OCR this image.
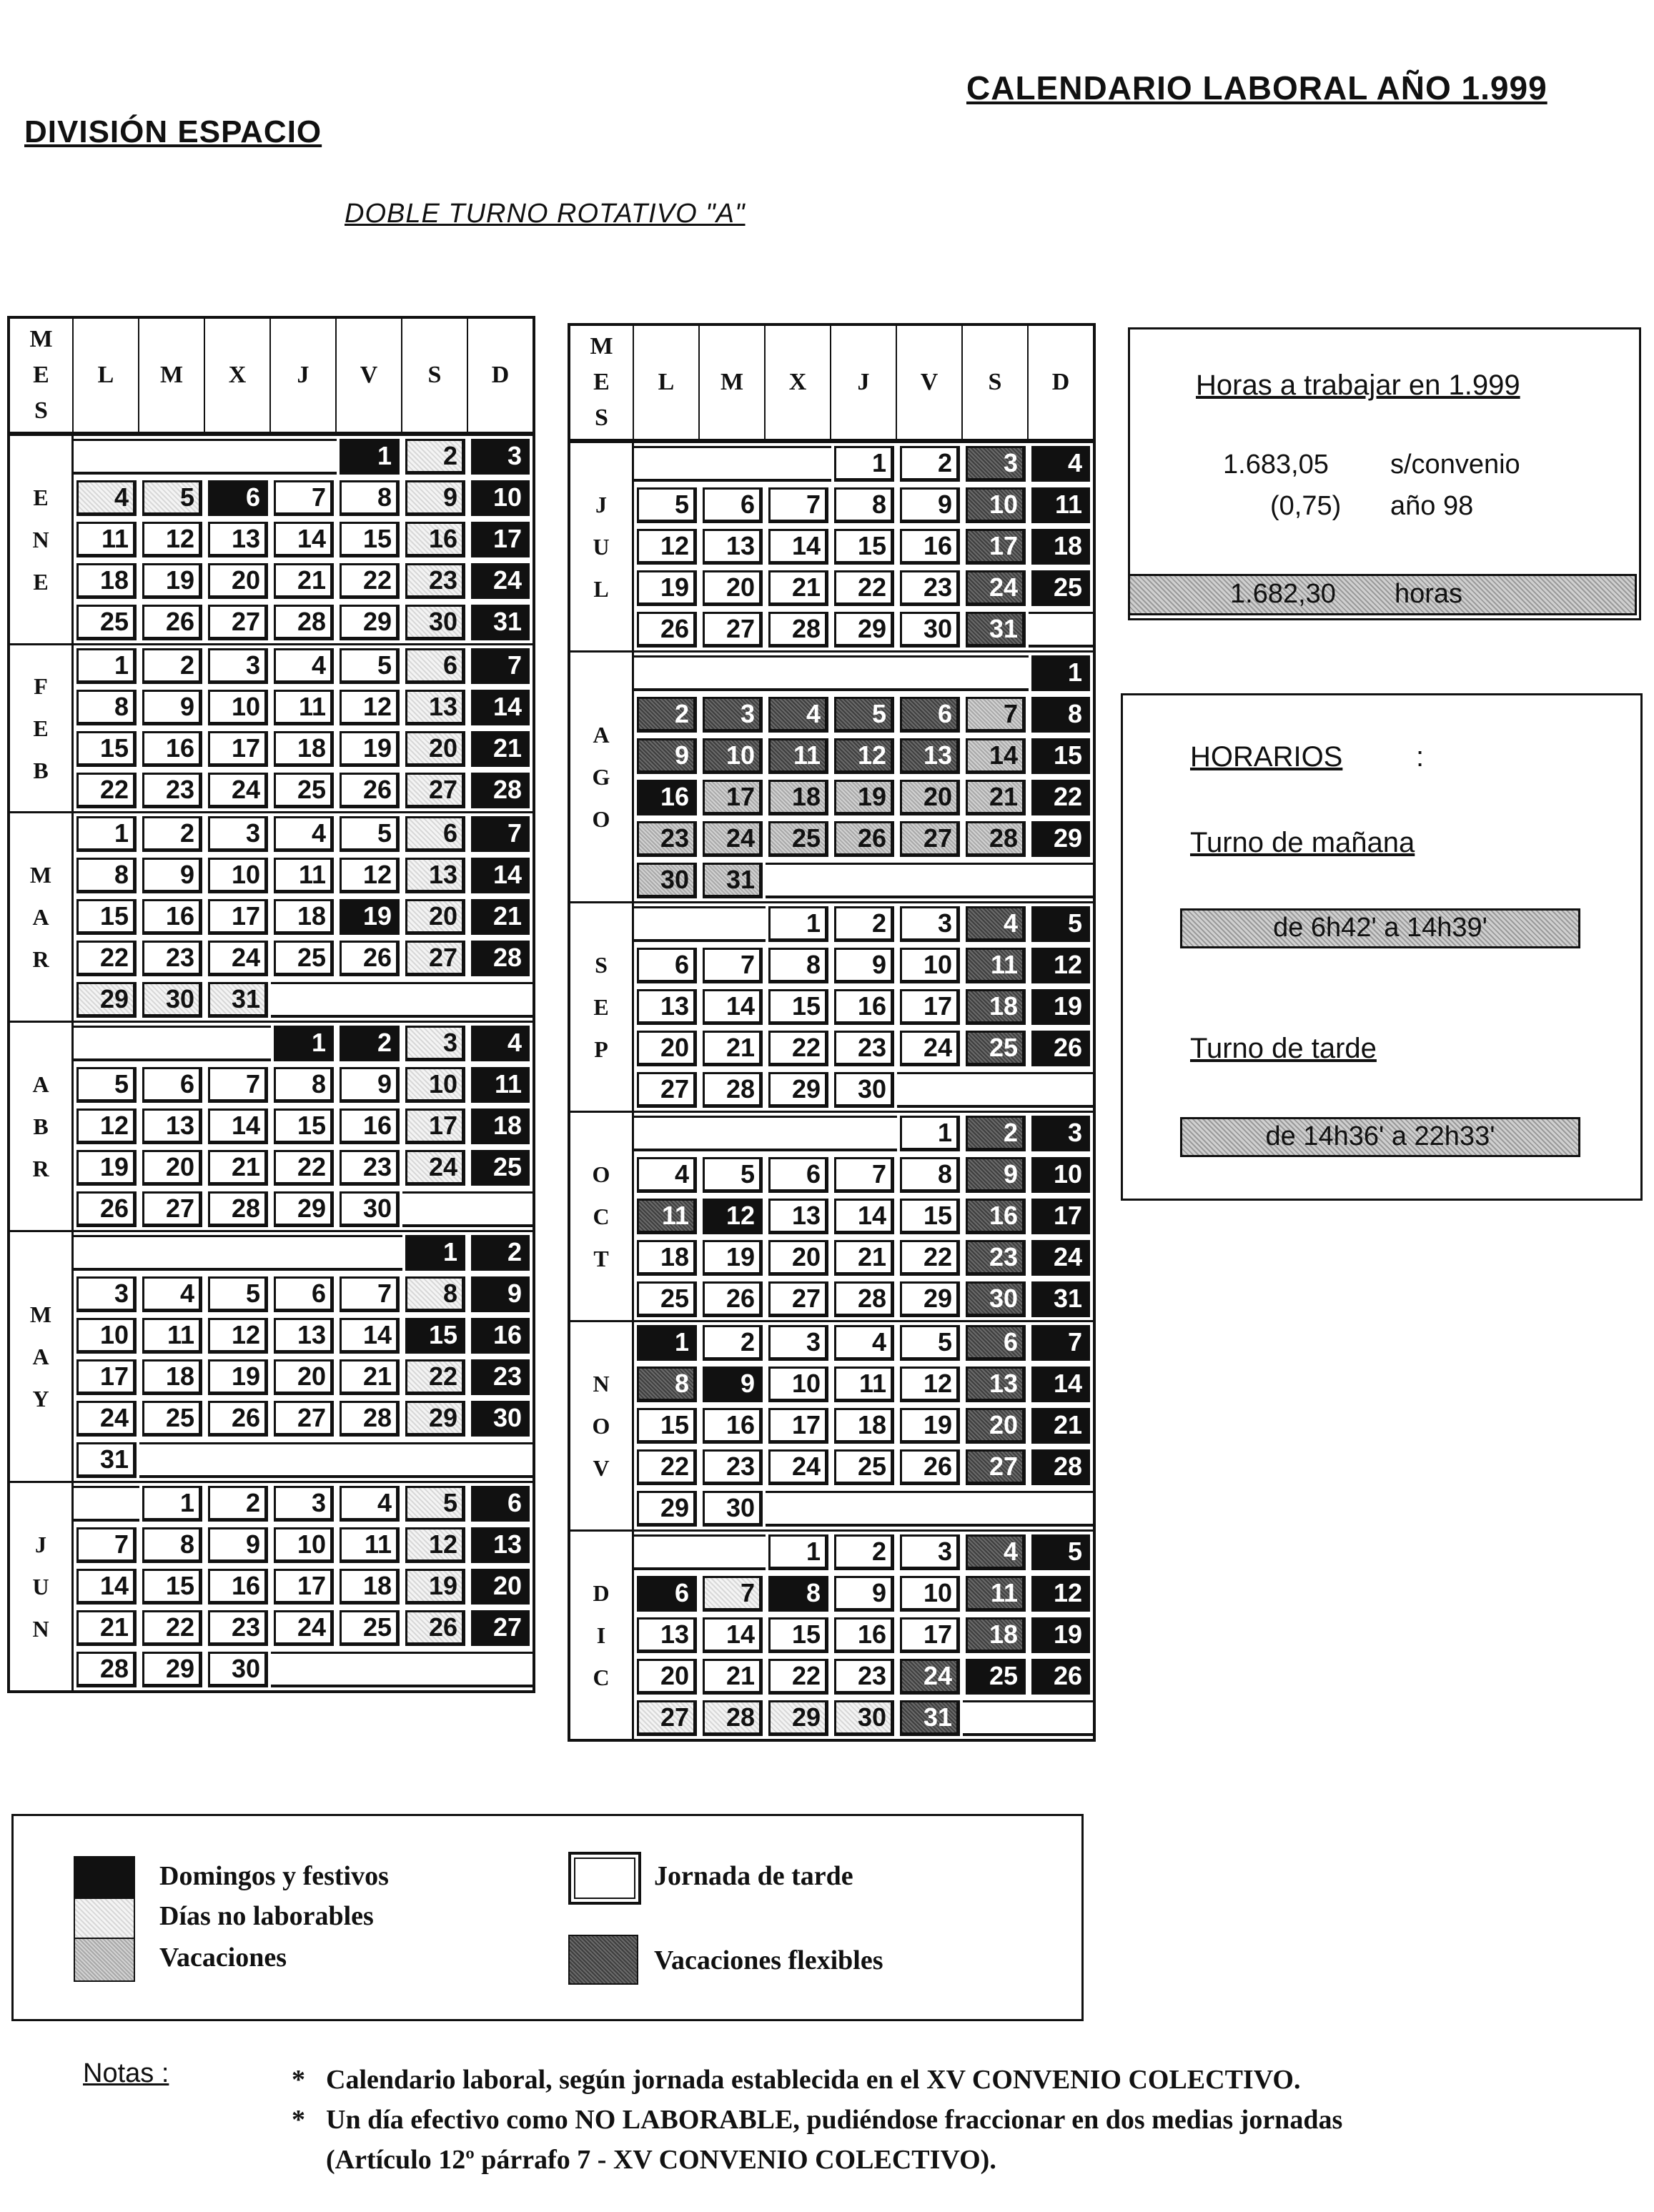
CALENDARIO LABORAL AÑO 1.999
DIVISIÓN ESPACIO
DOBLE TURNO ROTATIVO "A"
M
E
S	L	M	X	J	V	S	D

E
N
E					1	2	3

	4	5	6	7	8	9	10

	11	12	13	14	15	16	17

	18	19	20	21	22	23	24

	25	26	27	28	29	30	31

F
E
B	1	2	3	4	5	6	7

	8	9	10	11	12	13	14

	15	16	17	18	19	20	21

	22	23	24	25	26	27	28

M
A
R	1	2	3	4	5	6	7

	8	9	10	11	12	13	14

	15	16	17	18	19	20	21

	22	23	24	25	26	27	28

	29	30	31				

A
B
R				1	2	3	4

	5	6	7	8	9	10	11

	12	13	14	15	16	17	18

	19	20	21	22	23	24	25

	26	27	28	29	30		

M
A
Y						1	2

	3	4	5	6	7	8	9

	10	11	12	13	14	15	16

	17	18	19	20	21	22	23

	24	25	26	27	28	29	30

	31						

J
U
N		1	2	3	4	5	6

	7	8	9	10	11	12	13

	14	15	16	17	18	19	20

	21	22	23	24	25	26	27

	28	29	30				

M
E
S	L	M	X	J	V	S	D

J
U
L				1	2	3	4

	5	6	7	8	9	10	11

	12	13	14	15	16	17	18

	19	20	21	22	23	24	25

	26	27	28	29	30	31	

A
G
O							1

	2	3	4	5	6	7	8

	9	10	11	12	13	14	15

	16	17	18	19	20	21	22

	23	24	25	26	27	28	29

	30	31					

S
E
P			1	2	3	4	5

	6	7	8	9	10	11	12

	13	14	15	16	17	18	19

	20	21	22	23	24	25	26

	27	28	29	30			

O
C
T					1	2	3

	4	5	6	7	8	9	10

	11	12	13	14	15	16	17

	18	19	20	21	22	23	24

	25	26	27	28	29	30	31

N
O
V	1	2	3	4	5	6	7

	8	9	10	11	12	13	14

	15	16	17	18	19	20	21

	22	23	24	25	26	27	28

	29	30					

D
I
C			1	2	3	4	5

	6	7	8	9	10	11	12

	13	14	15	16	17	18	19

	20	21	22	23	24	25	26

	27	28	29	30	31		

Horas a trabajar en 1.999
1.683,05 s/convenio
(0,75) año 98
1.682,30 horas
HORARIOS	:
Turno de mañana
de 6h42' a 14h39'
Turno de tarde
de 14h36' a 22h33'
Domingos y festivos
Días no laborables
Vacaciones
Jornada de tarde
Vacaciones flexibles
Notas :	* Calendario laboral, según jornada establecida en el XV CONVENIO COLECTIVO.
* Un día efectivo como NO LABORABLE, pudiéndose fraccionar en dos medias jornadas
(Artículo 12º párrafo 7 - XV CONVENIO COLECTIVO).
